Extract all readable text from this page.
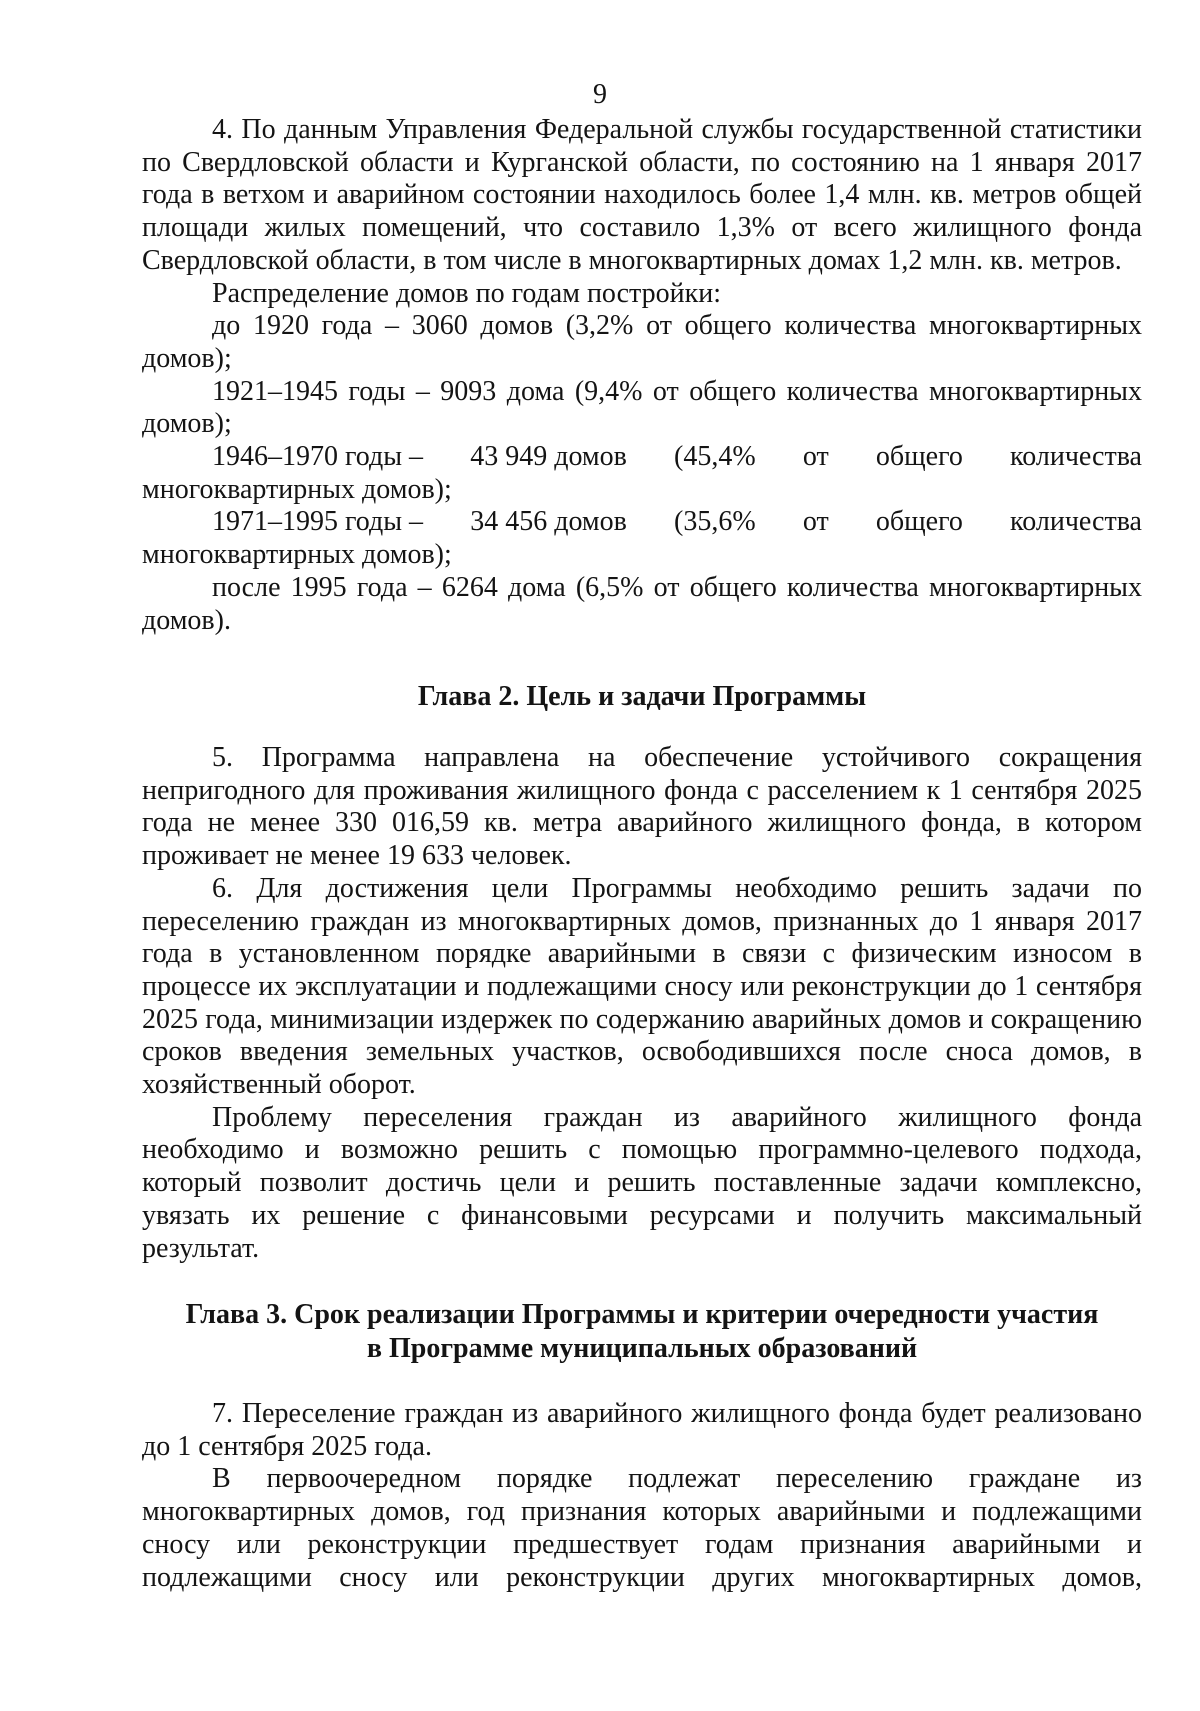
9

4. По данным Управления Федеральной службы государственной статистики по Свердловской области и Курганской области, по состоянию на 1 января 2017 года в ветхом и аварийном состоянии находилось более 1,4 млн. кв. метров общей площади жилых помещений, что составило 1,3% от всего жилищного фонда Свердловской области, в том числе в многоквартирных домах 1,2 млн. кв. метров.

Распределение домов по годам постройки:

до 1920 года – 3060 домов (3,2% от общего количества многоквартирных домов);

1921–1945 годы – 9093 дома (9,4% от общего количества многоквартирных домов);

1946–1970 годы – 43 949 домов (45,4% от общего количества

многоквартирных домов);

1971–1995 годы – 34 456 домов (35,6% от общего количества

многоквартирных домов);

после 1995 года – 6264 дома (6,5% от общего количества многоквартирных домов).

Глава 2. Цель и задачи Программы

5. Программа направлена на обеспечение устойчивого сокращения непригодного для проживания жилищного фонда с расселением к 1 сентября 2025 года не менее 330 016,59 кв. метра аварийного жилищного фонда, в котором проживает не менее 19 633 человек.

6. Для достижения цели Программы необходимо решить задачи по переселению граждан из многоквартирных домов, признанных до 1 января 2017 года в установленном порядке аварийными в связи с физическим износом в процессе их эксплуатации и подлежащими сносу или реконструкции до 1 сентября 2025 года, минимизации издержек по содержанию аварийных домов и сокращению сроков введения земельных участков, освободившихся после сноса домов, в хозяйственный оборот.

Проблему переселения граждан из аварийного жилищного фонда необходимо и возможно решить с помощью программно-целевого подхода, который позволит достичь цели и решить поставленные задачи комплексно, увязать их решение с финансовыми ресурсами и получить максимальный результат.

Глава 3. Срок реализации Программы и критерии очередности участия
в Программе муниципальных образований

7. Переселение граждан из аварийного жилищного фонда будет реализовано до 1 сентября 2025 года.

В первоочередном порядке подлежат переселению граждане из многоквартирных домов, год признания которых аварийными и подлежащими сносу или реконструкции предшествует годам признания аварийными и подлежащими сносу или реконструкции других многоквартирных домов,
